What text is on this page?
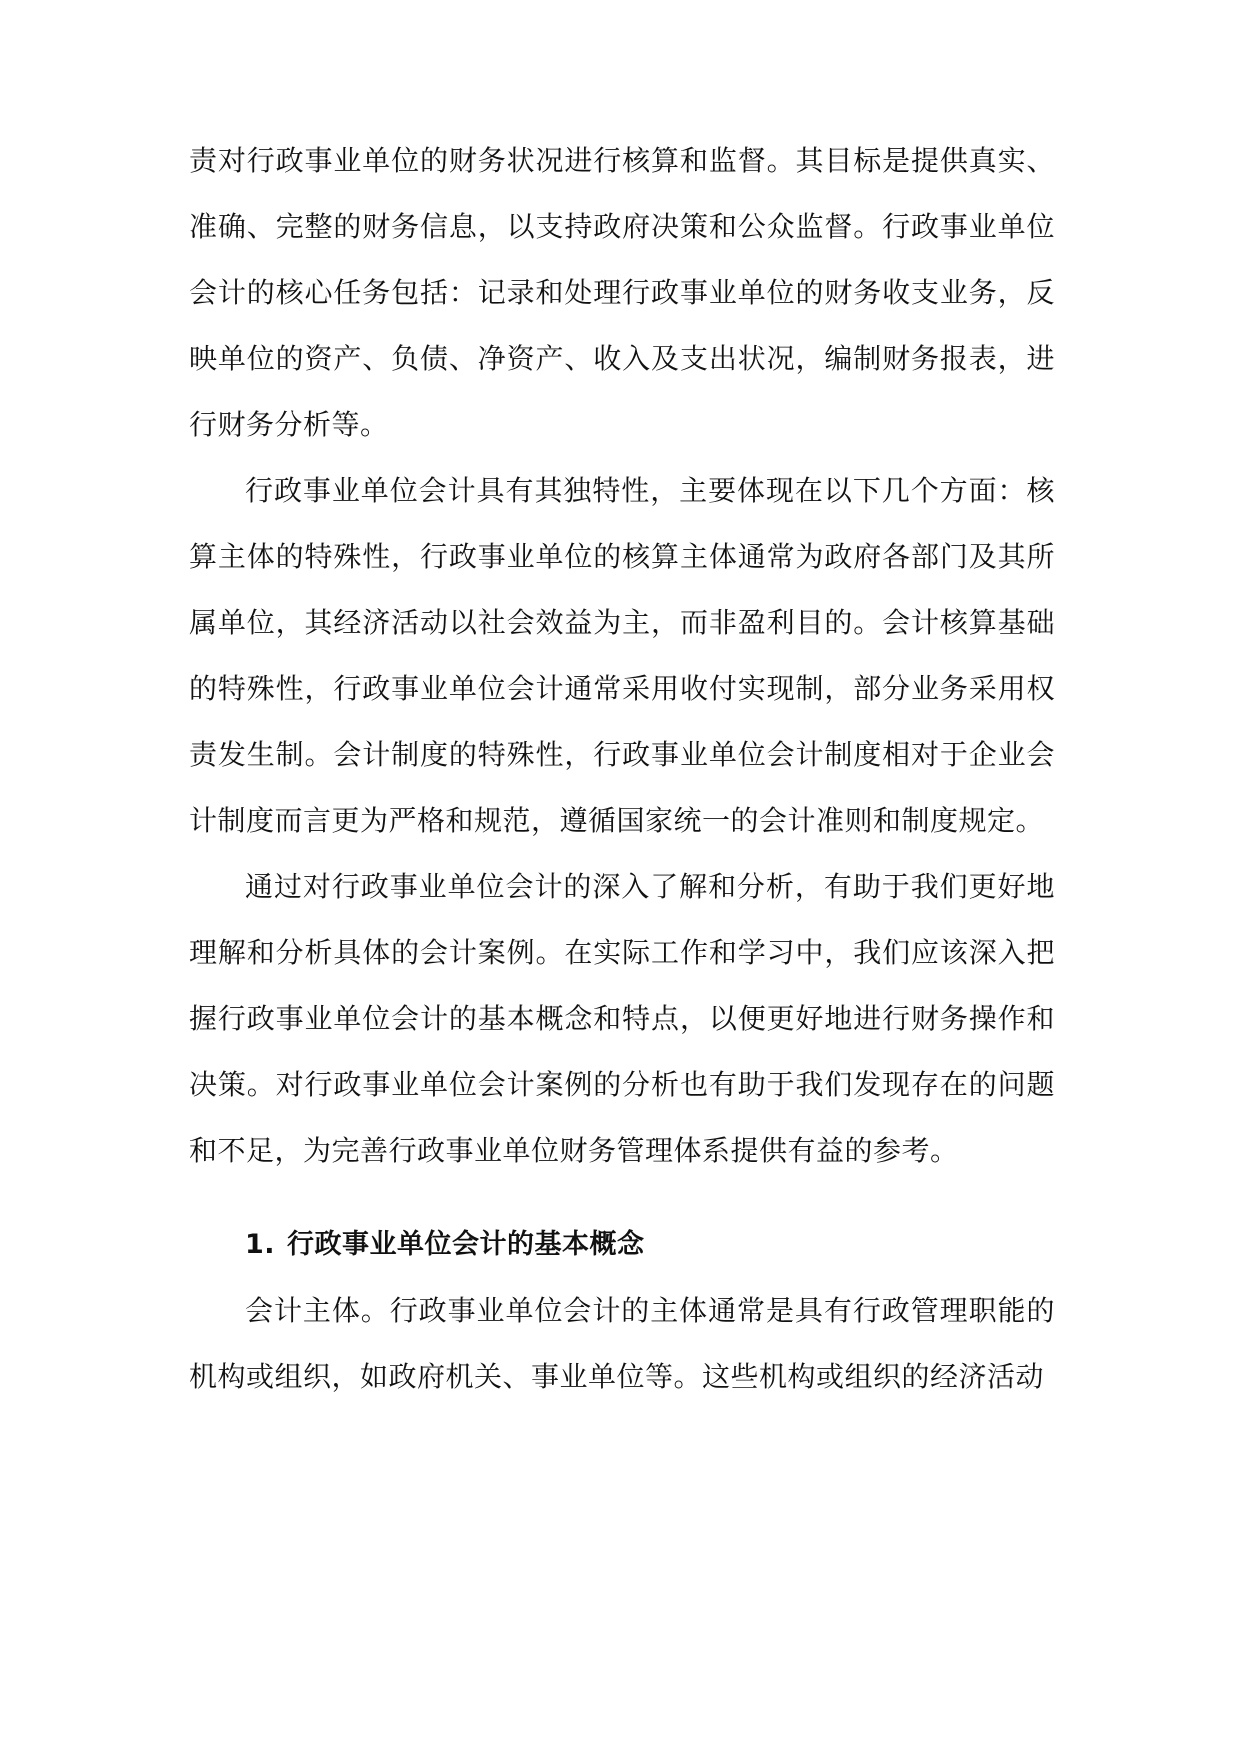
责对行政事业单位的财务状况进行核算和监督。其目标是提供真实、准确、完整的财务信息，以支持政府决策和公众监督。行政事业单位会计的核心任务包括：记录和处理行政事业单位的财务收支业务，反映单位的资产、负债、净资产、收入及支出状况，编制财务报表，进行财务分析等。

行政事业单位会计具有其独特性，主要体现在以下几个方面：核算主体的特殊性，行政事业单位的核算主体通常为政府各部门及其所属单位，其经济活动以社会效益为主，而非盈利目的。会计核算基础的特殊性，行政事业单位会计通常采用收付实现制，部分业务采用权责发生制。会计制度的特殊性，行政事业单位会计制度相对于企业会计制度而言更为严格和规范，遵循国家统一的会计准则和制度规定。

通过对行政事业单位会计的深入了解和分析，有助于我们更好地理解和分析具体的会计案例。在实际工作和学习中，我们应该深入把握行政事业单位会计的基本概念和特点，以便更好地进行财务操作和决策。对行政事业单位会计案例的分析也有助于我们发现存在的问题和不足，为完善行政事业单位财务管理体系提供有益的参考。

1. 行政事业单位会计的基本概念

会计主体。行政事业单位会计的主体通常是具有行政管理职能的机构或组织，如政府机关、事业单位等。这些机构或组织的经济活动
